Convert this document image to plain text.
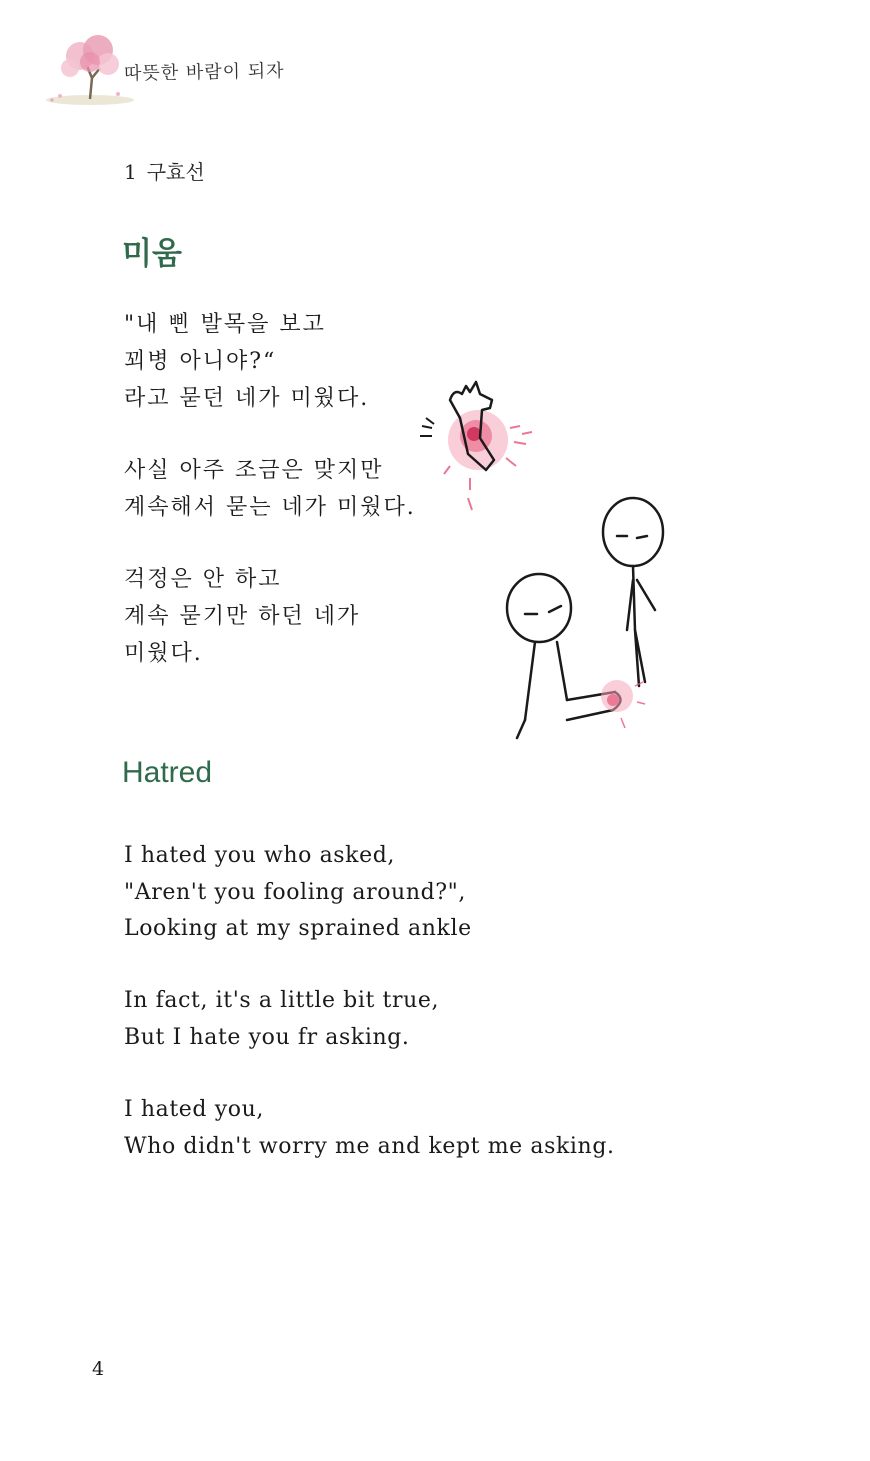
따뜻한 바람이 되자
1 구효선
미움
"내 삔 발목을 보고
꾀병 아니야?“
라고 묻던 네가 미웠다.
사실 아주 조금은 맞지만
계속해서 묻는 네가 미웠다.
걱정은 안 하고
계속 묻기만 하던 네가
미웠다.
Hatred
I hated you who asked,
"Aren't you fooling around?",
Looking at my sprained ankle
In fact, it's a little bit true,
But I hate you fr asking.
I hated you,
Who didn't worry me and kept me asking.
4
